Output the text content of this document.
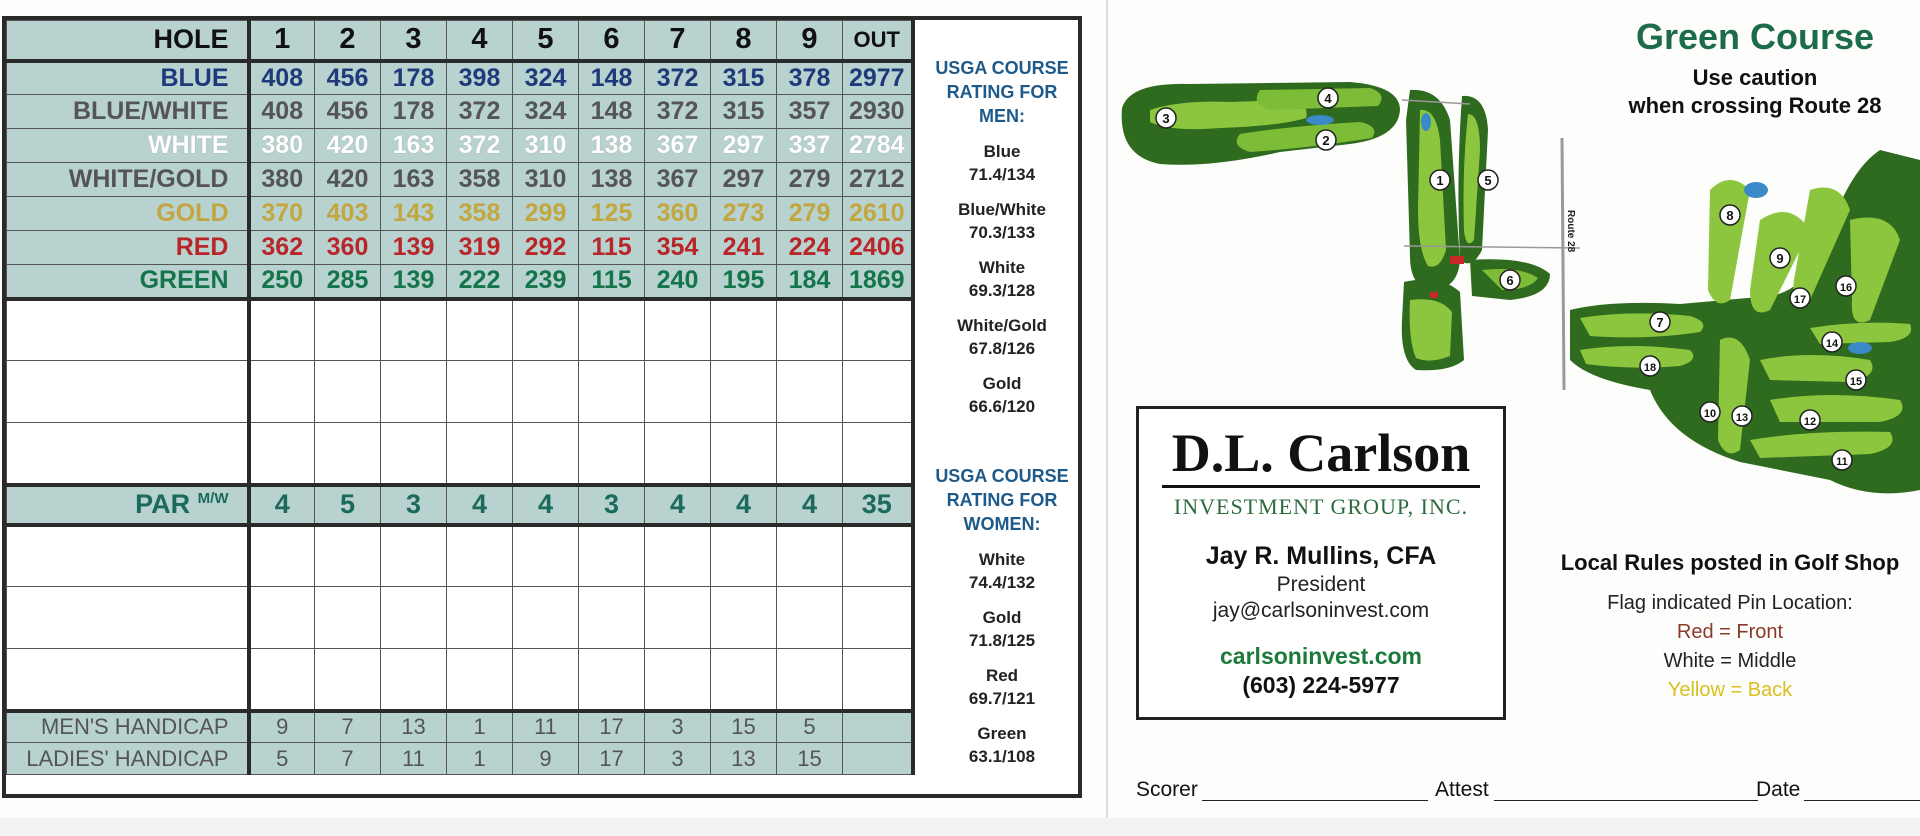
HOLE	1	2	3	4	5	6	7	8	9	OUT
BLUE	408	456	178	398	324	148	372	315	378	2977
BLUE/WHITE	408	456	178	372	324	148	372	315	357	2930
WHITE	380	420	163	372	310	138	367	297	337	2784
WHITE/GOLD	380	420	163	358	310	138	367	297	279	2712
GOLD	370	403	143	358	299	125	360	273	279	2610
RED	362	360	139	319	292	115	354	241	224	2406
GREEN	250	285	139	222	239	115	240	195	184	1869

PAR $^{M/W}$	4	5	3	4	4	3	4	4	4	35

MEN'S HANDICAP	9	7	13	1	11	17	3	15	5	
LADIES' HANDICAP	5	7	11	1	9	17	3	13	15	
USGA COURSE RATING FOR MEN:
Blue
71.4/134
Blue/White
70.3/133
White
69.3/128
White/Gold
67.8/126
Gold
66.6/120
USGA COURSE RATING FOR WOMEN:
White
74.4/132
Gold
71.8/125
Red
69.7/121
Green
63.1/108
Route 28
1
2
3
4
5
6
7
8
9
10
11
12
13
14
15
16
17
18
Green Course
Use caution
when crossing Route 28
D.L. Carlson
INVESTMENT GROUP, INC.
Jay R. Mullins, CFA
President
jay@carlsoninvest.com
carlsoninvest.com
(603) 224-5977
Local Rules posted in Golf Shop
Flag indicated Pin Location:
Red = Front
White = Middle
Yellow = Back
Scorer	Attest	Date
